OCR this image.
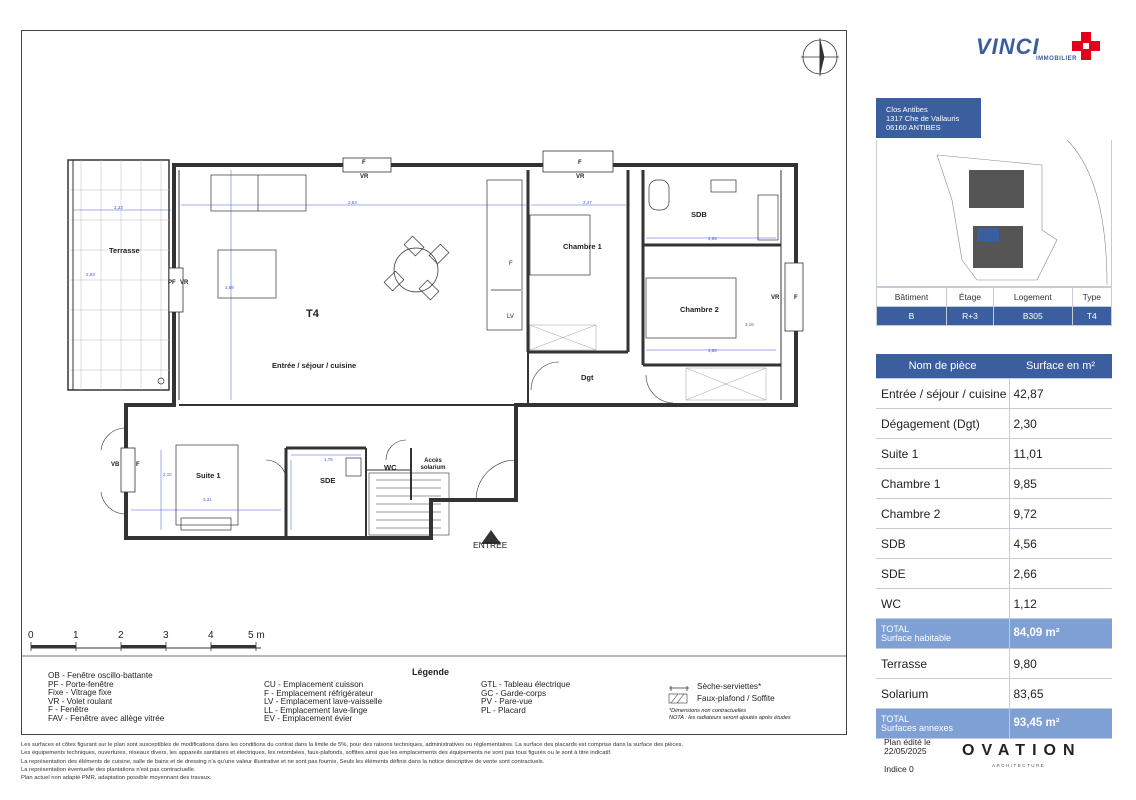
T4
Entrée / séjour / cuisine
Terrasse	Chambre 1
Chambre 2
SDB
Dgt
Suite 1
SDE
WC
Accès solarium
ENTRÉE
F
VR
F
VR
PF VR
VR F
VB	F
F
LV
2,33
2,63	2,47
2,93
3,89
3,88
2,65
3,16
1,76
3,31
2,10
0	1	2	3	4	5 m
Légende
OB - Fenêtre oscillo-battante
PF - Porte-fenêtre
Fixe - Vitrage fixe
VR - Volet roulant
F - Fenêtre
FAV - Fenêtre avec allège vitrée
CU - Emplacement cuisson
F - Emplacement réfrigérateur
LV - Emplacement lave-vaisselle
LL - Emplacement lave-linge
EV - Emplacement évier
GTL - Tableau électrique
GC - Garde-corps
PV - Pare-vue
PL - Placard
Sèche-serviettes*
Faux-plafond / Soffite
*Dimensions non contractuelles
NOTA : les radiateurs seront ajoutés après études
Les surfaces et côtes figurant sur le plan sont susceptibles de modifications dans les conditions du contrat dans la limite de 5%, pour des raisons techniques, administratives ou réglementaires. La surface des placards est comprise dans la surface des pièces.
Les équipements techniques, ouvertures, réseaux divers, les appareils sanitaires et électriques, les retombées, faux-plafonds, soffites ainsi que les emplacements des équipements ne sont pas tous figurés ou le sont à titre indicatif.
La représentation des éléments de cuisine, salle de bains et de dressing n'a qu'une valeur illustrative et ne sont pas fournis. Seuls les éléments définis dans la notice descriptive de vente sont contractuels.
La représentation éventuelle des plantations n'est pas contractuelle.
Plan actuel non adapté PMR, adaptation possible moyennant des travaux.
VINCI
IMMOBILIER
Clos Antibes
1317 Che de Vallauris
06160 ANTIBES
Bâtiment	Étage	Logement	Type
B	R+3	B305	T4
Nom de pièce	Surface en m²
Entrée / séjour / cuisine	42,87
Dégagement (Dgt)	2,30
Suite 1	11,01
Chambre 1	9,85
Chambre 2	9,72
SDB	4,56
SDE	2,66
WC	1,12

TOTAL
Surface habitable	84,09 m²
Terrasse	9,80
Solarium	83,65

TOTAL
Surfaces annexes	93,45 m²
Plan édité le
22/05/2025
Indice 0
OVATION
ARCHITECTURE
